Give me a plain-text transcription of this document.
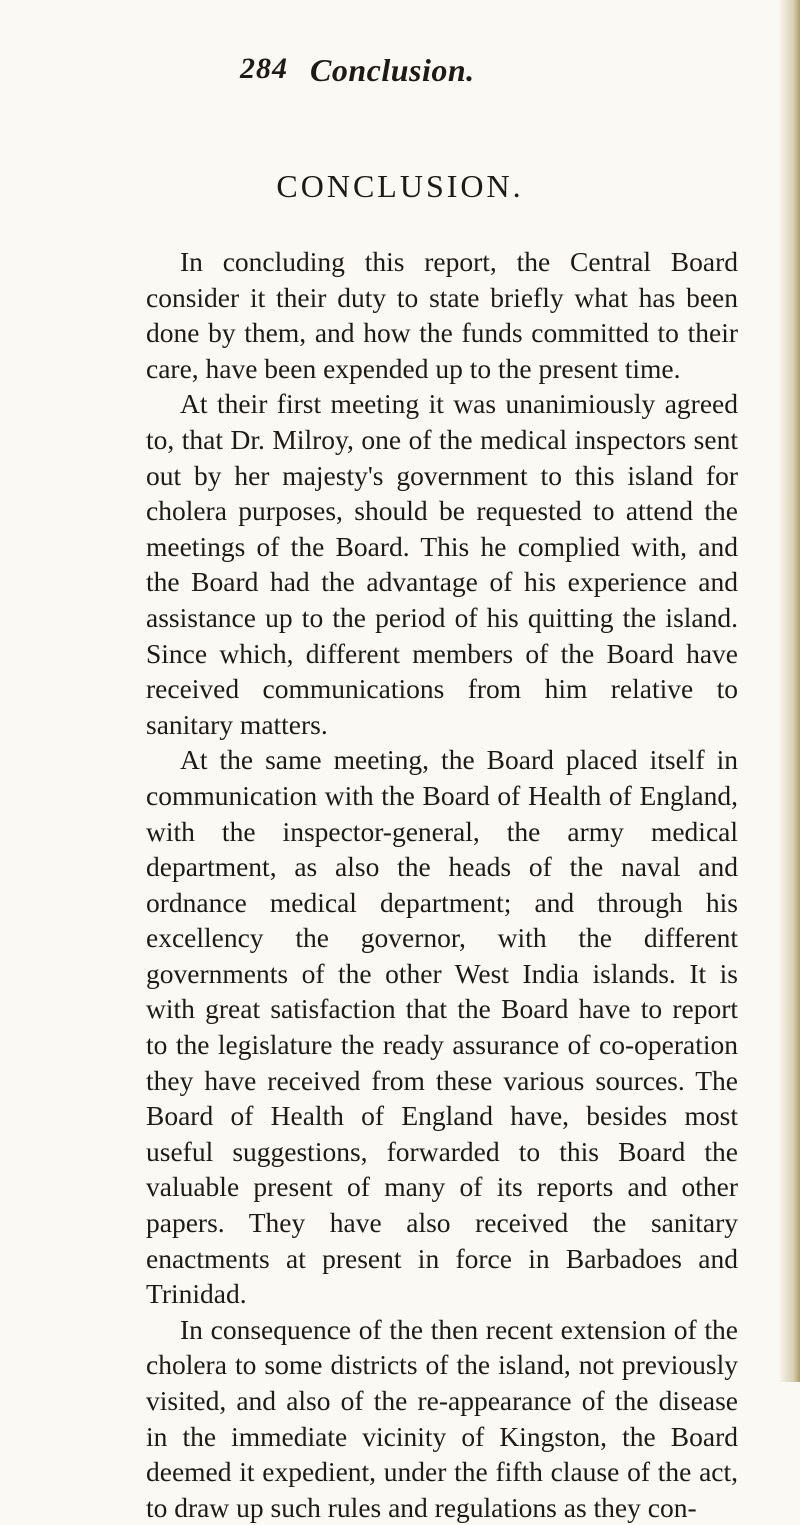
284 Conclusion.
CONCLUSION.

In concluding this report, the Central Board consider it their duty to state briefly what has been done by them, and how the funds committed to their care, have been expended up to the present time.

At their first meeting it was unanimiously agreed to, that Dr. Milroy, one of the medical inspectors sent out by her majesty's government to this island for cholera purposes, should be requested to attend the meetings of the Board. This he complied with, and the Board had the advantage of his experience and assistance up to the period of his quitting the island. Since which, different members of the Board have received communications from him relative to sanitary matters.

At the same meeting, the Board placed itself in communication with the Board of Health of England, with the inspector-general, the army medical department, as also the heads of the naval and ordnance medical department; and through his excellency the governor, with the different governments of the other West India islands. It is with great satisfaction that the Board have to report to the legislature the ready assurance of co-operation they have received from these various sources. The Board of Health of England have, besides most useful suggestions, forwarded to this Board the valuable present of many of its reports and other papers. They have also received the sanitary enactments at present in force in Barbadoes and Trinidad.

In consequence of the then recent extension of the cholera to some districts of the island, not previously visited, and also of the re-appearance of the disease in the immediate vicinity of Kingston, the Board deemed it expedient, under the fifth clause of the act, to draw up such rules and regulations as they con-
